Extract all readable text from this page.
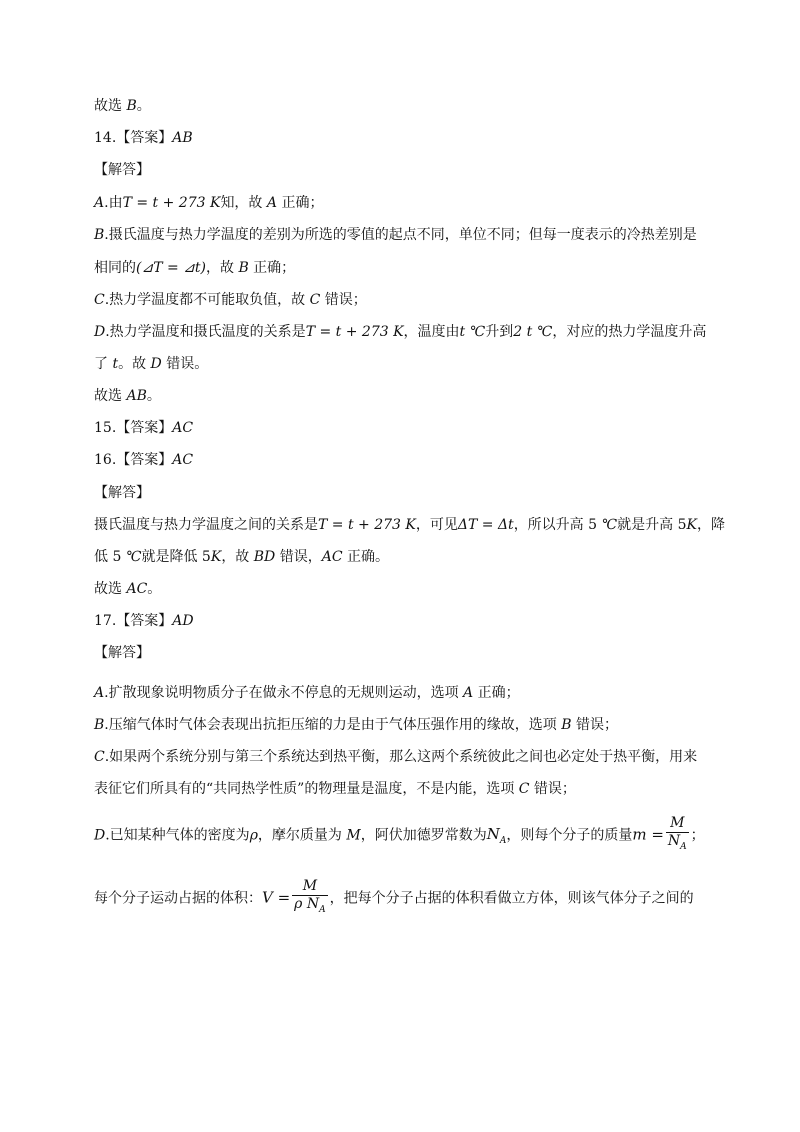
故选 B。
14.【答案】AB
【解答】
A.由T = t + 273 K知，故 A 正确；
B.摄氏温度与热力学温度的差别为所选的零值的起点不同，单位不同；但每一度表示的冷热差别是
相同的(⊿T = ⊿t)，故 B 正确；
C.热力学温度都不可能取负值，故 C 错误；
D.热力学温度和摄氏温度的关系是T = t + 273 K，温度由t ℃升到2 t ℃，对应的热力学温度升高
了 t。故 D 错误。
故选 AB。
15.【答案】AC
16.【答案】AC
【解答】
摄氏温度与热力学温度之间的关系是T = t + 273 K，可见ΔT = Δt，所以升高 5 ℃就是升高 5K，降
低 5 ℃就是降低 5K，故 BD 错误，AC 正确。
故选 AC。
17.【答案】AD
【解答】
A.扩散现象说明物质分子在做永不停息的无规则运动，选项 A 正确；
B.压缩气体时气体会表现出抗拒压缩的力是由于气体压强作用的缘故，选项 B 错误；
C.如果两个系统分别与第三个系统达到热平衡，那么这两个系统彼此之间也必定处于热平衡，用来
表征它们所具有的“共同热学性质”的物理量是温度，不是内能，选项 C 错误；
D.已知某种气体的密度为ρ，摩尔质量为 M，阿伏加德罗常数为$N_A$，则每个分子的质量$m = \frac{M}{N_A}$ ；
每个分子运动占据的体积：$V = \frac{M}{\rho N_A}$ ，把每个分子占据的体积看做立方体，则该气体分子之间的
